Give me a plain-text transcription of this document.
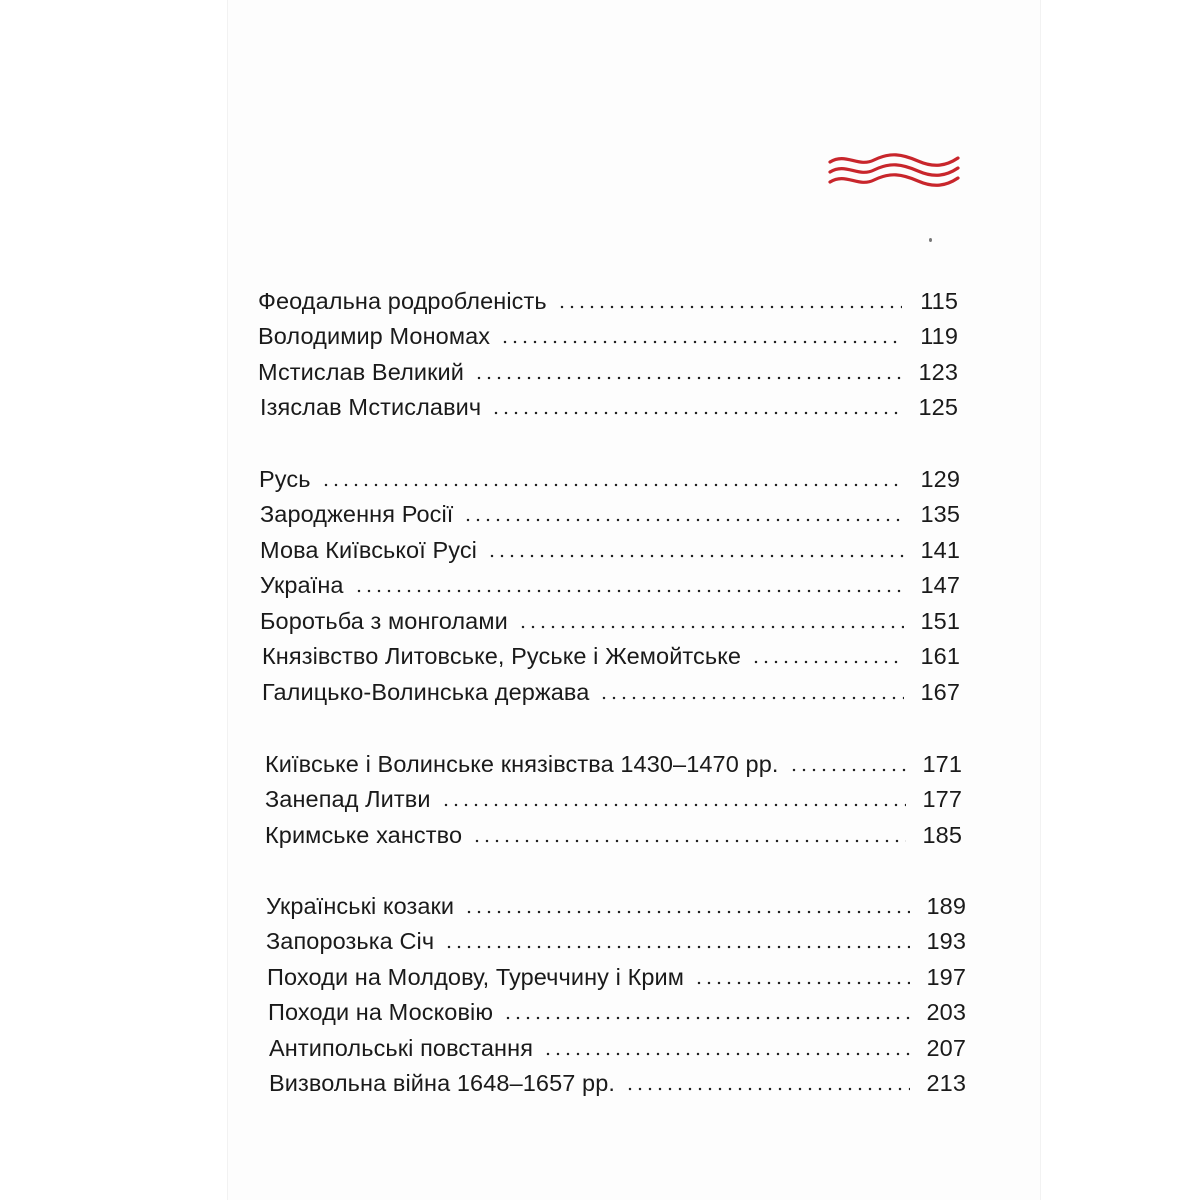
Феодальна родробленість	115
Володимир Мономах	119
Мстислав Великий	123
Ізяслав Мстиславич	125
Русь	129
Зародження Росії	135
Мова Київської Русі	141
Україна	147
Боротьба з монголами	151
Князівство Литовське, Руське і Жемойтське	161
Галицько-Волинська держава	167
Київське і Волинське князівства 1430–1470 рр.	171
Занепад Литви	177
Кримське ханство	185
Українські козаки	189
Запорозька Січ	193
Походи на Молдову, Туреччину і Крим	197
Походи на Московію	203
Антипольські повстання	207
Визвольна війна 1648–1657 рр.	213
